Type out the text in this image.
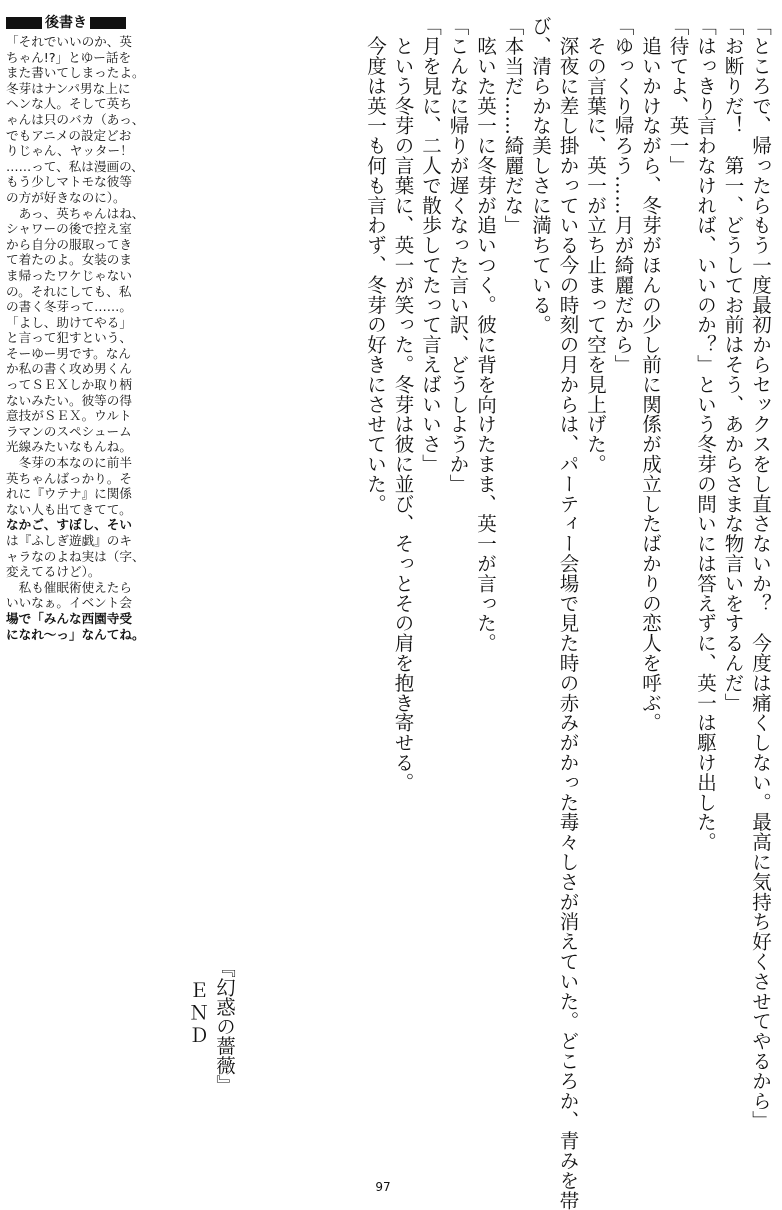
「ところで、帰ったらもう一度最初からセックスをし直さないか？　今度は痛くしない。最高に気持ち好くさせてやるから」
「お断りだ！　第一、どうしてお前はそう、あからさまな物言いをするんだ」
「はっきり言わなければ、いいのか？」という冬芽の問いには答えずに、英一は駆け出した。
「待てよ、英一」
　追いかけながら、冬芽がほんの少し前に関係が成立したばかりの恋人を呼ぶ。
「ゆっくり帰ろう……月が綺麗だから」
　その言葉に、英一が立ち止まって空を見上げた。
　深夜に差し掛かっている今の時刻の月からは、パーティー会場で見た時の赤みがかった毒々しさが消えていた。どころか、青みを帯
び、清らかな美しさに満ちている。
「本当だ……綺麗だな」
　呟いた英一に冬芽が追いつく。彼に背を向けたまま、英一が言った。
「こんなに帰りが遅くなった言い訳、どうしようか」
「月を見に、二人で散歩してたって言えばいいさ」
　という冬芽の言葉に、英一が笑った。冬芽は彼に並び、そっとその肩を抱き寄せる。
　今度は英一も何も言わず、冬芽の好きにさせていた。
『幻惑の薔薇』
ＥＮＤ
後書き
「それでいいのか、英
ちゃん!?」とゆー話を
また書いてしまったよ。
冬芽はナンパ男な上に
ヘンな人。そして英ち
ゃんは只のバカ（あっ、
でもアニメの設定どお
りじゃん、ヤッター！
……って、私は漫画の、
もう少しマトモな彼等
の方が好きなのに）。
　あっ、英ちゃんはね、
シャワーの後で控え室
から自分の服取ってき
て着たのよ。女装のま
ま帰ったワケじゃない
の。それにしても、私
の書く冬芽って……。
「よし、助けてやる」
と言って犯すという、
そーゆー男です。なん
か私の書く攻め男くん
ってＳＥＸしか取り柄
ないみたい。彼等の得
意技がＳＥＸ。ウルト
ラマンのスペシューム
光線みたいなもんね。
　冬芽の本なのに前半
英ちゃんばっかり。そ
れに『ウテナ』に関係
ない人も出てきてて。
なかご、すぼし、そい
は『ふしぎ遊戯』のキ
ャラなのよね実は（字、
変えてるけど）。
　私も催眠術使えたら
いいなぁ。イベント会
場で「みんな西園寺受
になれ〜っ」なんてね。
97
